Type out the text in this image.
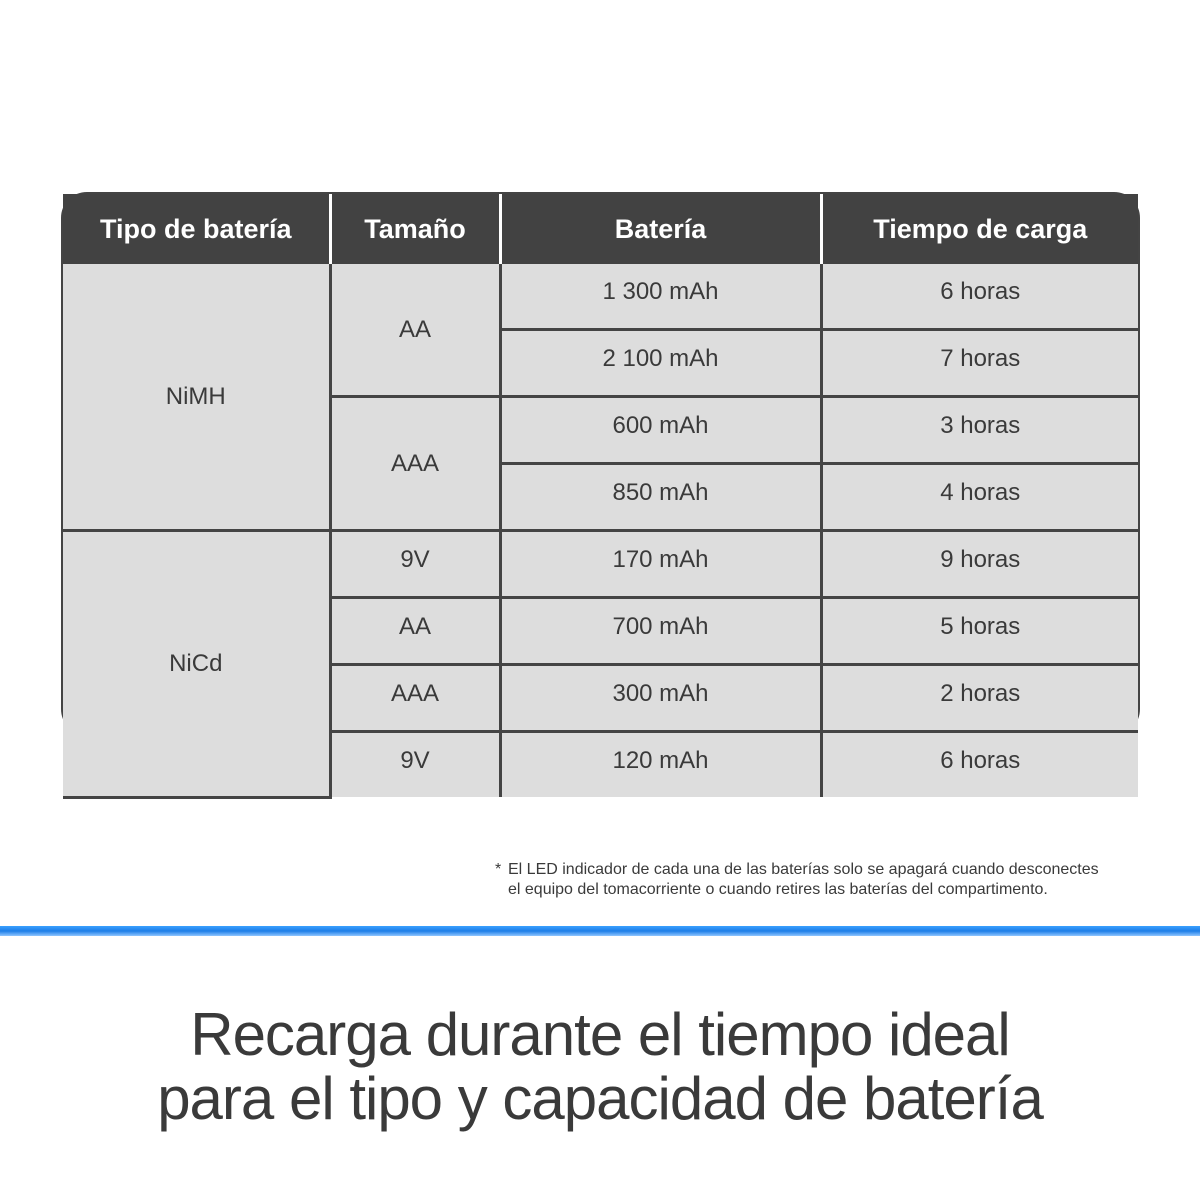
Tipo de batería	Tamaño	Batería	Tiempo de carga
NiMH	AA	1 300 mAh	6 horas
		2 100 mAh	7 horas
	AAA	600 mAh	3 horas
		850 mAh	4 horas
NiCd	9V	170 mAh	9 horas
	AA	700 mAh	5 horas
	AAA	300 mAh	2 horas
	9V	120 mAh	6 horas
* El LED indicador de cada una de las baterías solo se apagará cuando desconectes
el equipo del tomacorriente o cuando retires las baterías del compartimento.
Recarga durante el tiempo ideal
para el tipo y capacidad de batería
